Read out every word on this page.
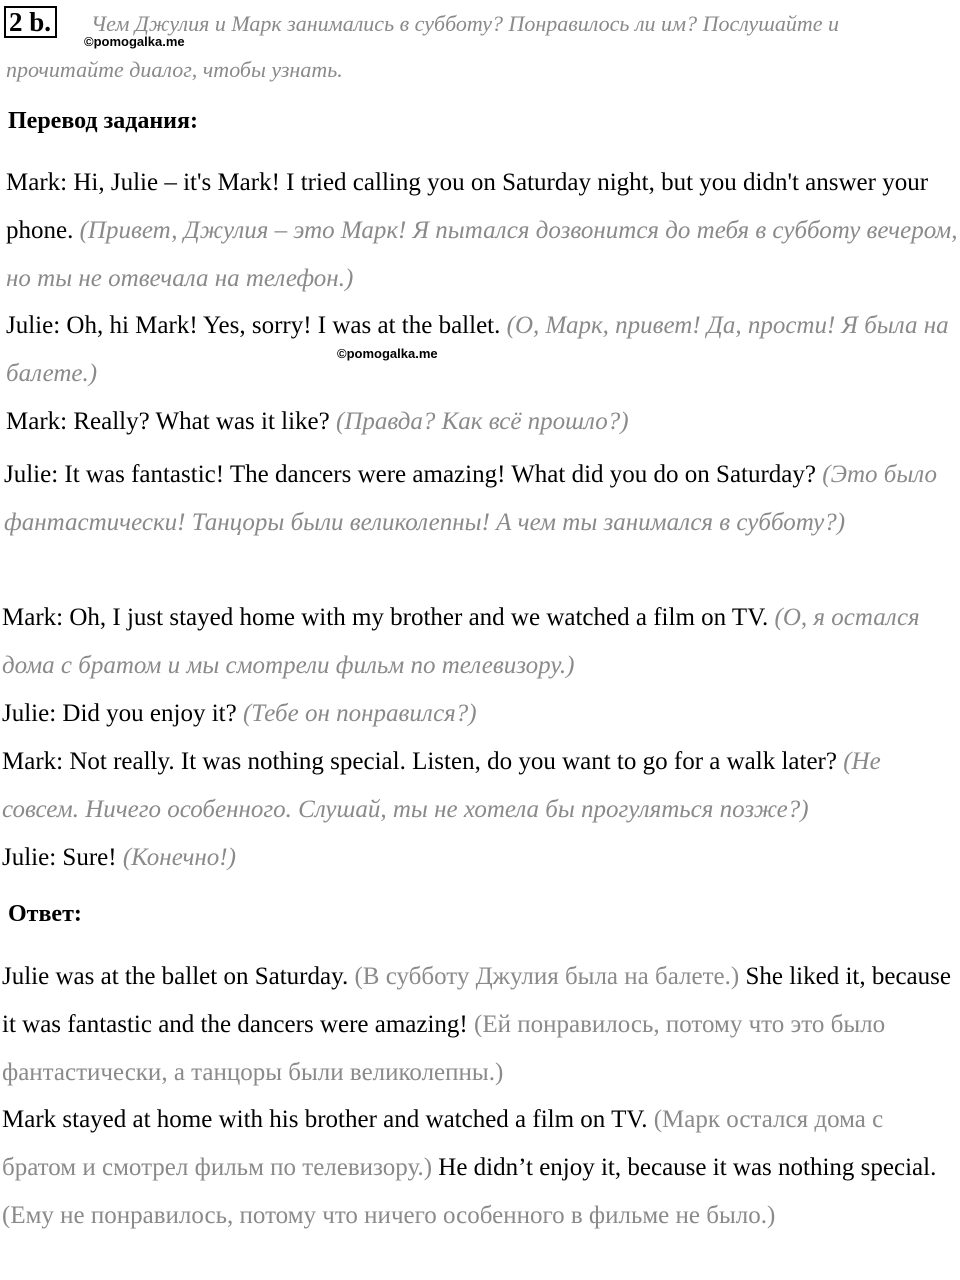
2 b. Чем Джулия и Марк занимались в субботу? Понравилось ли им? Послушайте и
прочитайте диалог, чтобы узнать.
©pomogalka.me
Перевод задания:
Mark: Hi, Julie – it's Mark! I tried calling you on Saturday night, but you didn't answer your phone. (Привет, Джулия – это Марк! Я пытался дозвонится до тебя в субботу вечером, но ты не отвечала на телефон.)
Julie: Oh, hi Mark! Yes, sorry! I was at the ballet. (О, Марк, привет! Да, прости! Я была на балете.)
©pomogalka.me
Mark: Really? What was it like? (Правда? Как всё прошло?)
Julie: It was fantastic! The dancers were amazing! What did you do on Saturday? (Это было фантастически! Танцоры были великолепны! А чем ты занимался в субботу?)
Mark: Oh, I just stayed home with my brother and we watched a film on TV. (О, я остался дома с братом и мы смотрели фильм по телевизору.)
Julie: Did you enjoy it? (Тебе он понравился?)
Mark: Not really. It was nothing special. Listen, do you want to go for a walk later? (Не совсем. Ничего особенного. Слушай, ты не хотела бы прогуляться позже?)
Julie: Sure! (Конечно!)
Ответ:
Julie was at the ballet on Saturday. (В субботу Джулия была на балете.) She liked it, because it was fantastic and the dancers were amazing! (Ей понравилось, потому что это было фантастически, а танцоры были великолепны.)
Mark stayed at home with his brother and watched a film on TV. (Марк остался дома с братом и смотрел фильм по телевизору.) He didn’t enjoy it, because it was nothing special. (Ему не понравилось, потому что ничего особенного в фильме не было.)
